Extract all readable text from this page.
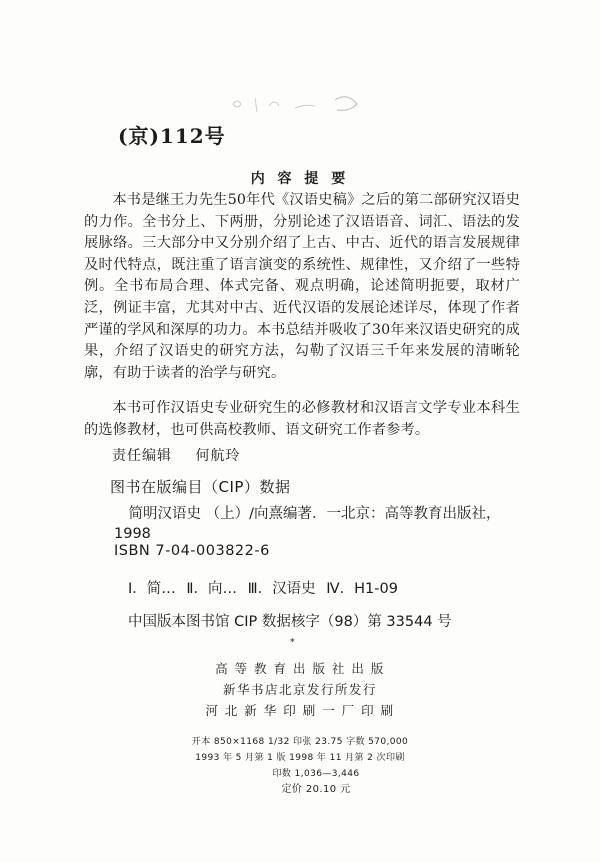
(京)112号
内 容 提 要
本书是继王力先生50年代《汉语史稿》之后的第二部研究汉语史的力作。全书分上、下两册，分别论述了汉语语音、词汇、语法的发展脉络。三大部分中又分别介绍了上古、中古、近代的语言发展规律及时代特点，既注重了语言演变的系统性、规律性，又介绍了一些特例。全书布局合理、体式完备、观点明确，论述简明扼要，取材广泛，例证丰富，尤其对中古、近代汉语的发展论述详尽，体现了作者严谨的学风和深厚的功力。本书总结并吸收了30年来汉语史研究的成果，介绍了汉语史的研究方法，勾勒了汉语三千年来发展的清晰轮廓，有助于读者的治学与研究。
本书可作汉语史专业研究生的必修教材和汉语言文学专业本科生的选修教材，也可供高校教师、语文研究工作者参考。
责任编辑 何航玲
图书在版编目（CIP）数据
简明汉语史 （上）/向熹编著．一北京：高等教育出版社，1998
ISBN 7-04-003822-6
Ⅰ．简… Ⅱ．向… Ⅲ．汉语史 Ⅳ．H1-09
中国版本图书馆 CIP 数据核字（98）第 33544 号
*
高 等 教 育 出 版 社 出 版
新华书店北京发行所发行
河 北 新 华 印 刷 一 厂 印 刷
开本 850×1168 1/32 印张 23.75 字数 570,000
1993 年 5 月第 1 版 1998 年 11 月第 2 次印刷
印数 1,036—3,446
定价 20.10 元
